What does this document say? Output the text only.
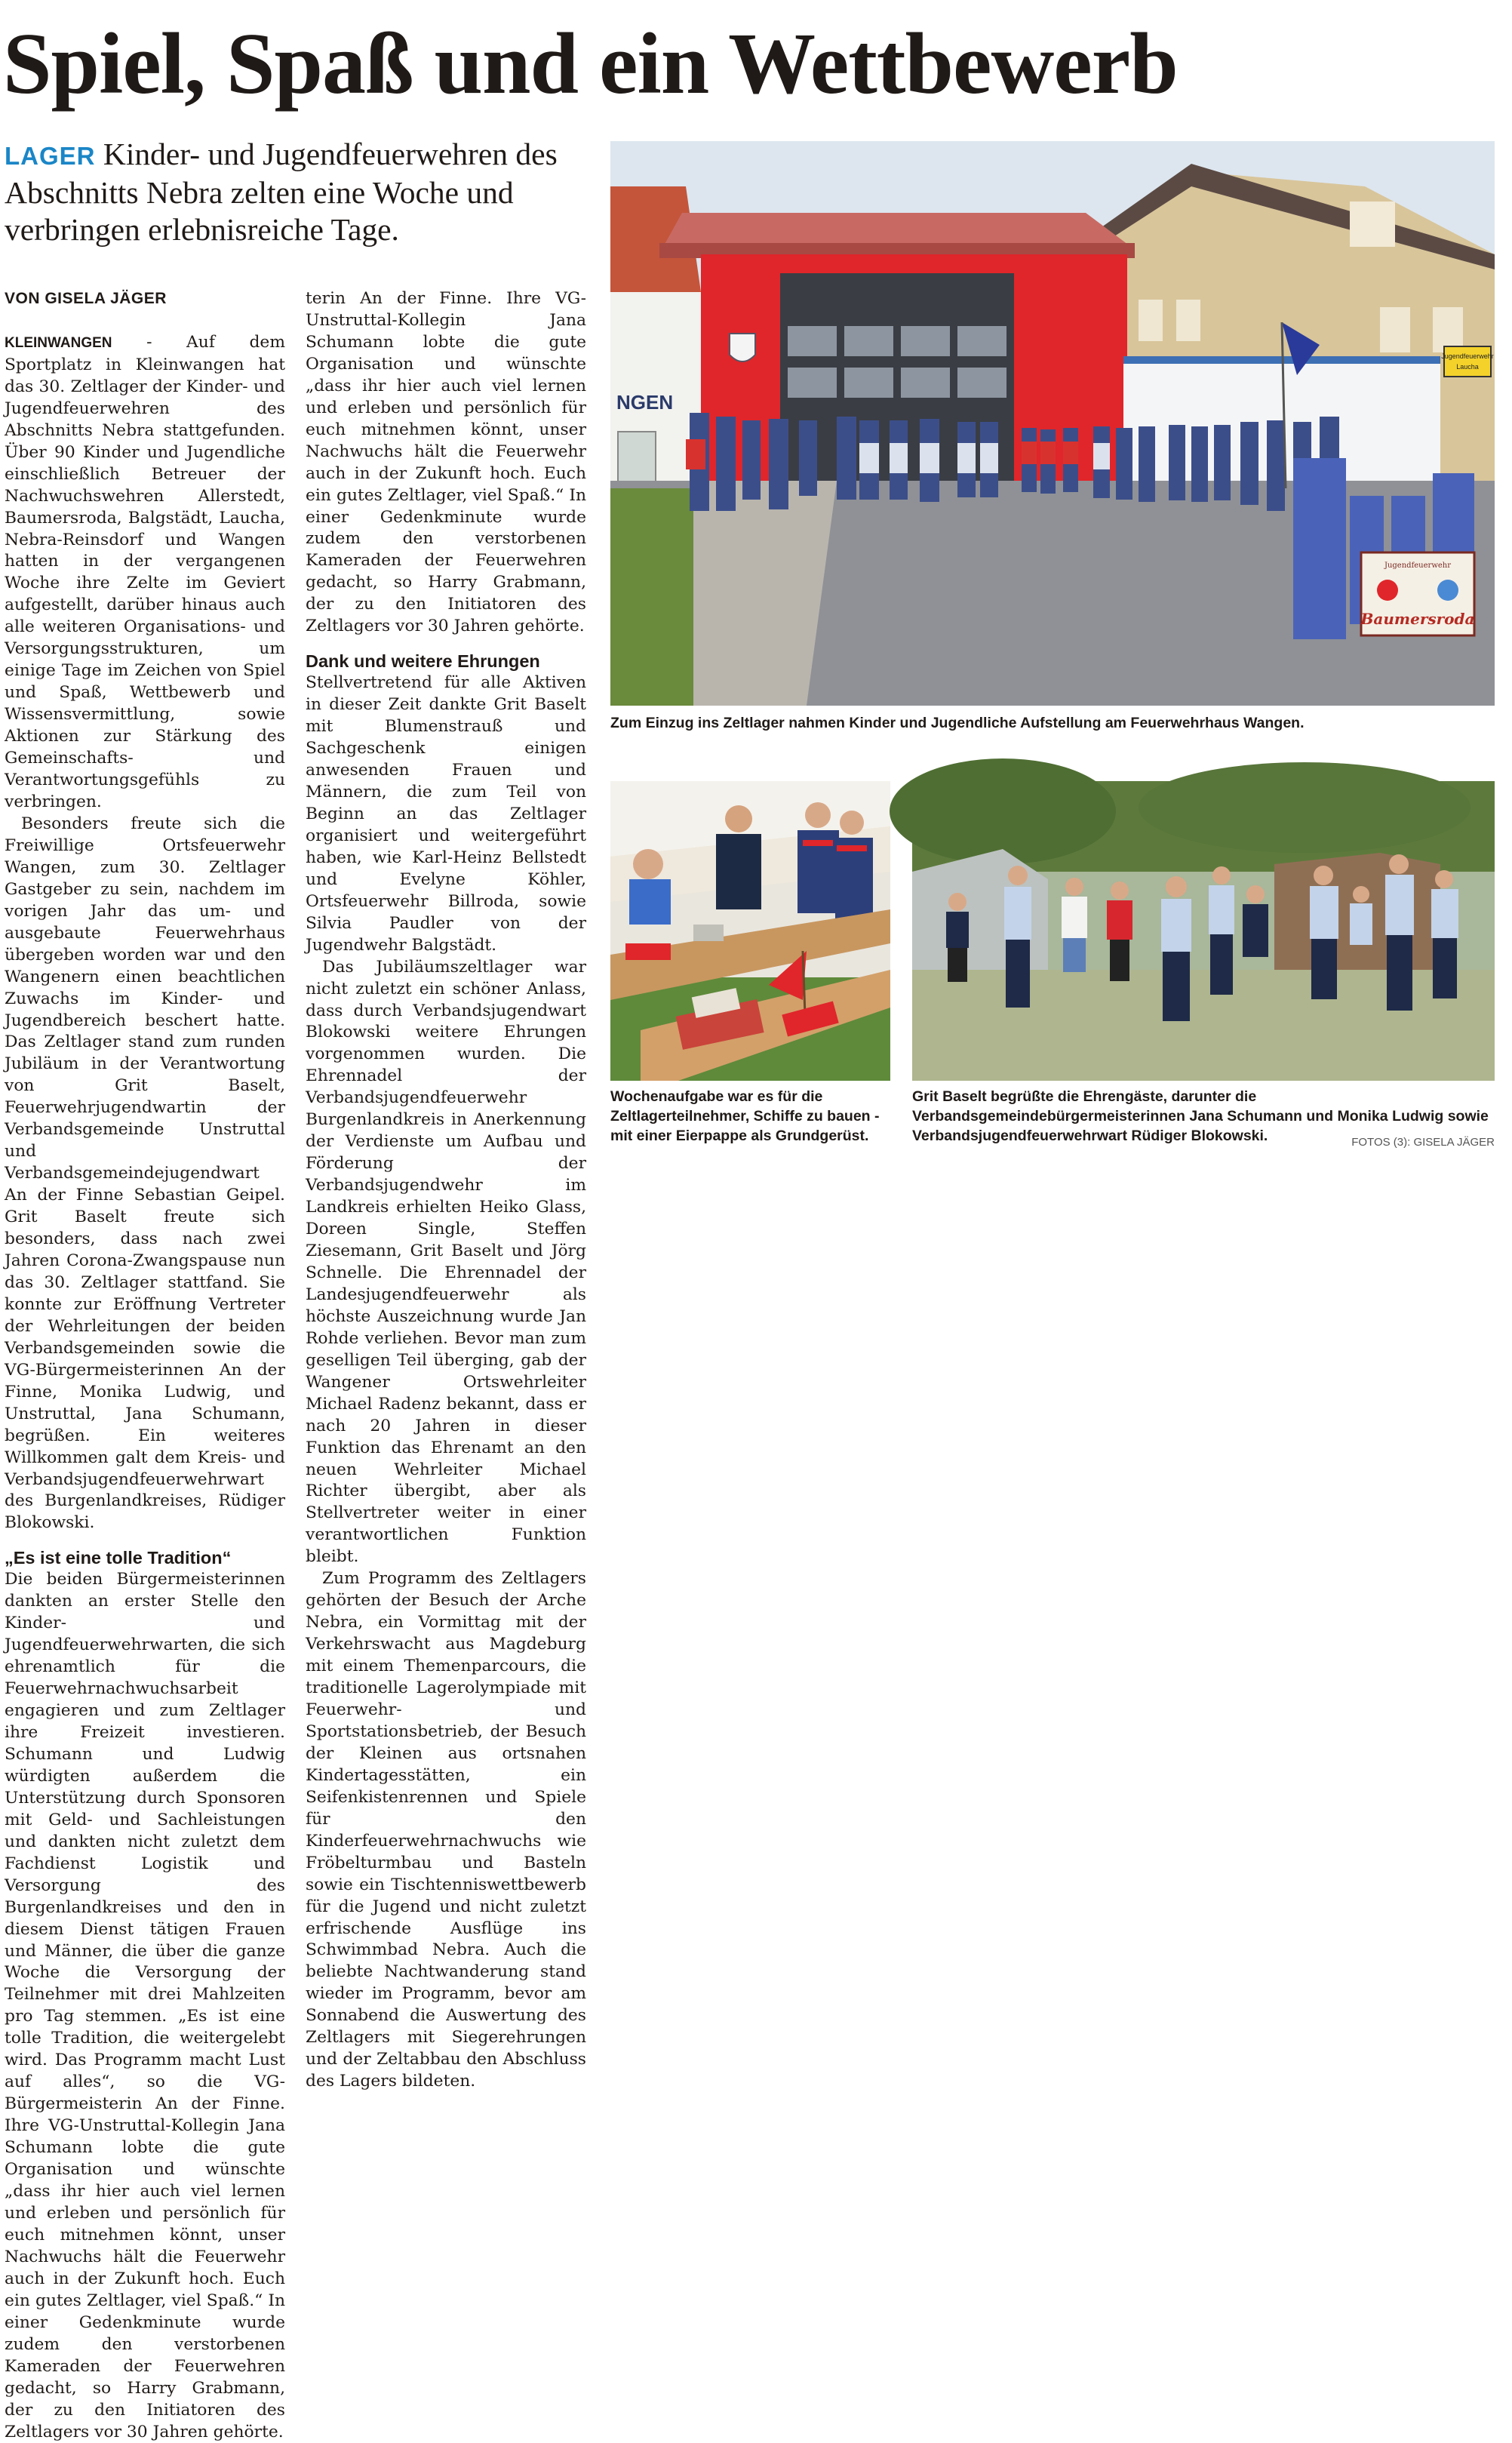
Spiel, Spaß und ein Wettbewerb
LAGER Kinder- und Jugendfeuerwehren des Abschnitts Nebra zelten eine Woche und verbringen erlebnisreiche Tage.
VON GISELA JÄGER

KLEINWANGEN - Auf dem Sportplatz in Kleinwangen hat das 30. Zeltlager der Kinder- und Jugendfeuerwehren des Abschnitts Nebra stattgefunden. Über 90 Kinder und Jugendliche einschließlich Betreuer der Nachwuchswehren Allerstedt, Baumersroda, Balgstädt, Laucha, Nebra-Reinsdorf und Wangen hatten in der vergangenen Woche ihre Zelte im Geviert aufgestellt, darüber hinaus auch alle weiteren Organisations- und Versorgungsstrukturen, um einige Tage im Zeichen von Spiel und Spaß, Wettbewerb und Wissensvermittlung, sowie Aktionen zur Stärkung des Gemeinschafts- und Verantwortungsgefühls zu verbringen.

Besonders freute sich die Freiwillige Ortsfeuerwehr Wangen, zum 30. Zeltlager Gastgeber zu sein, nachdem im vorigen Jahr das um- und ausgebaute Feuerwehrhaus übergeben worden war und den Wangenern einen beachtlichen Zuwachs im Kinder- und Jugendbereich beschert hatte. Das Zeltlager stand zum runden Jubiläum in der Verantwortung von Grit Baselt, Feuerwehrjugendwartin der Verbandsgemeinde Unstruttal und Verbandsgemeindejugendwart An der Finne Sebastian Geipel. Grit Baselt freute sich besonders, dass nach zwei Jahren Corona-Zwangspause nun das 30. Zeltlager stattfand. Sie konnte zur Eröffnung Vertreter der Wehrleitungen der beiden Verbandsgemeinden sowie die VG-Bürgermeisterinnen An der Finne, Monika Ludwig, und Unstruttal, Jana Schumann, begrüßen. Ein weiteres Willkommen galt dem Kreis- und Verbandsjugendfeuerwehrwart des Burgenlandkreises, Rüdiger Blokowski.

„Es ist eine tolle Tradition“

Die beiden Bürgermeisterinnen dankten an erster Stelle den Kinder- und Jugendfeuerwehrwarten, die sich ehrenamtlich für die Feuerwehrnachwuchsarbeit engagieren und zum Zeltlager ihre Freizeit investieren. Schumann und Ludwig würdigten außerdem die Unterstützung durch Sponsoren mit Geld- und Sachleistungen und dankten nicht zuletzt dem Fachdienst Logistik und Versorgung des Burgenlandkreises und den in diesem Dienst tätigen Frauen und Männer, die über die ganze Woche die Versorgung der Teilnehmer mit drei Mahlzeiten pro Tag stemmen. „Es ist eine tolle Tradition, die weitergelebt wird. Das Programm macht Lust auf alles“, so die VG-Bürgermeisterin An der Finne. Ihre VG-Unstruttal-Kollegin Jana Schumann lobte die gute Organisation und wünschte „dass ihr hier auch viel lernen und erleben und persönlich für euch mitnehmen könnt, unser Nachwuchs hält die Feuerwehr auch in der Zukunft hoch. Euch ein gutes Zeltlager, viel Spaß.“ In einer Gedenkminute wurde zudem den verstorbenen Kameraden der Feuerwehren gedacht, so Harry Grabmann, der zu den Initiatoren des Zeltlagers vor 30 Jahren gehörte.

terin An der Finne. Ihre VG-Unstruttal-Kollegin Jana Schumann lobte die gute Organisation und wünschte „dass ihr hier auch viel lernen und erleben und persönlich für euch mitnehmen könnt, unser Nachwuchs hält die Feuerwehr auch in der Zukunft hoch. Euch ein gutes Zeltlager, viel Spaß.“ In einer Gedenkminute wurde zudem den verstorbenen Kameraden der Feuerwehren gedacht, so Harry Grabmann, der zu den Initiatoren des Zeltlagers vor 30 Jahren gehörte.

Dank und weitere Ehrungen

Stellvertretend für alle Aktiven in dieser Zeit dankte Grit Baselt mit Blumenstrauß und Sachgeschenk einigen anwesenden Frauen und Männern, die zum Teil von Beginn an das Zeltlager organisiert und weitergeführt haben, wie Karl-Heinz Bellstedt und Evelyne Köhler, Ortsfeuerwehr Billroda, sowie Silvia Paudler von der Jugendwehr Balgstädt.

Das Jubiläumszeltlager war nicht zuletzt ein schöner Anlass, dass durch Verbandsjugendwart Blokowski weitere Ehrungen vorgenommen wurden. Die Ehrennadel der Verbandsjugendfeuerwehr Burgenlandkreis in Anerkennung der Verdienste um Aufbau und Förderung der Verbandsjugendwehr im Landkreis erhielten Heiko Glass, Doreen Single, Steffen Ziesemann, Grit Baselt und Jörg Schnelle. Die Ehrennadel der Landesjugendfeuerwehr als höchste Auszeichnung wurde Jan Rohde verliehen. Bevor man zum geselligen Teil überging, gab der Wangener Ortswehrleiter Michael Radenz bekannt, dass er nach 20 Jahren in dieser Funktion das Ehrenamt an den neuen Wehrleiter Michael Richter übergibt, aber als Stellvertreter weiter in einer verantwortlichen Funktion bleibt.

Zum Programm des Zeltlagers gehörten der Besuch der Arche Nebra, ein Vormittag mit der Verkehrswacht aus Magdeburg mit einem Themenparcours, die traditionelle Lagerolympiade mit Feuerwehr- und Sportstationsbetrieb, der Besuch der Kleinen aus ortsnahen Kindertagesstätten, ein Seifenkistenrennen und Spiele für den Kinderfeuerwehrnachwuchs wie Fröbelturmbau und Basteln sowie ein Tischtenniswettbewerb für die Jugend und nicht zuletzt erfrischende Ausflüge ins Schwimmbad Nebra. Auch die beliebte Nachtwanderung stand wieder im Programm, bevor am Sonnabend die Auswertung des Zeltlagers mit Siegerehrungen und der Zeltabbau den Abschluss des Lagers bildeten.

NGEN
Jugendfeuerwehr
Laucha
Jugendfeuerwehr
Baumersroda
Zum Einzug ins Zeltlager nahmen Kinder und Jugendliche Aufstellung am Feuerwehrhaus Wangen.
Wochenaufgabe war es für die Zeltlagerteilnehmer, Schiffe zu bauen - mit einer Eierpappe als Grundgerüst.
Grit Baselt begrüßte die Ehrengäste, darunter die Verbandsgemeindebürgermeisterinnen Jana Schumann und Monika Ludwig sowie Verbandsjugendfeuerwehrwart Rüdiger Blokowski.	FOTOS (3): GISELA JÄGER
